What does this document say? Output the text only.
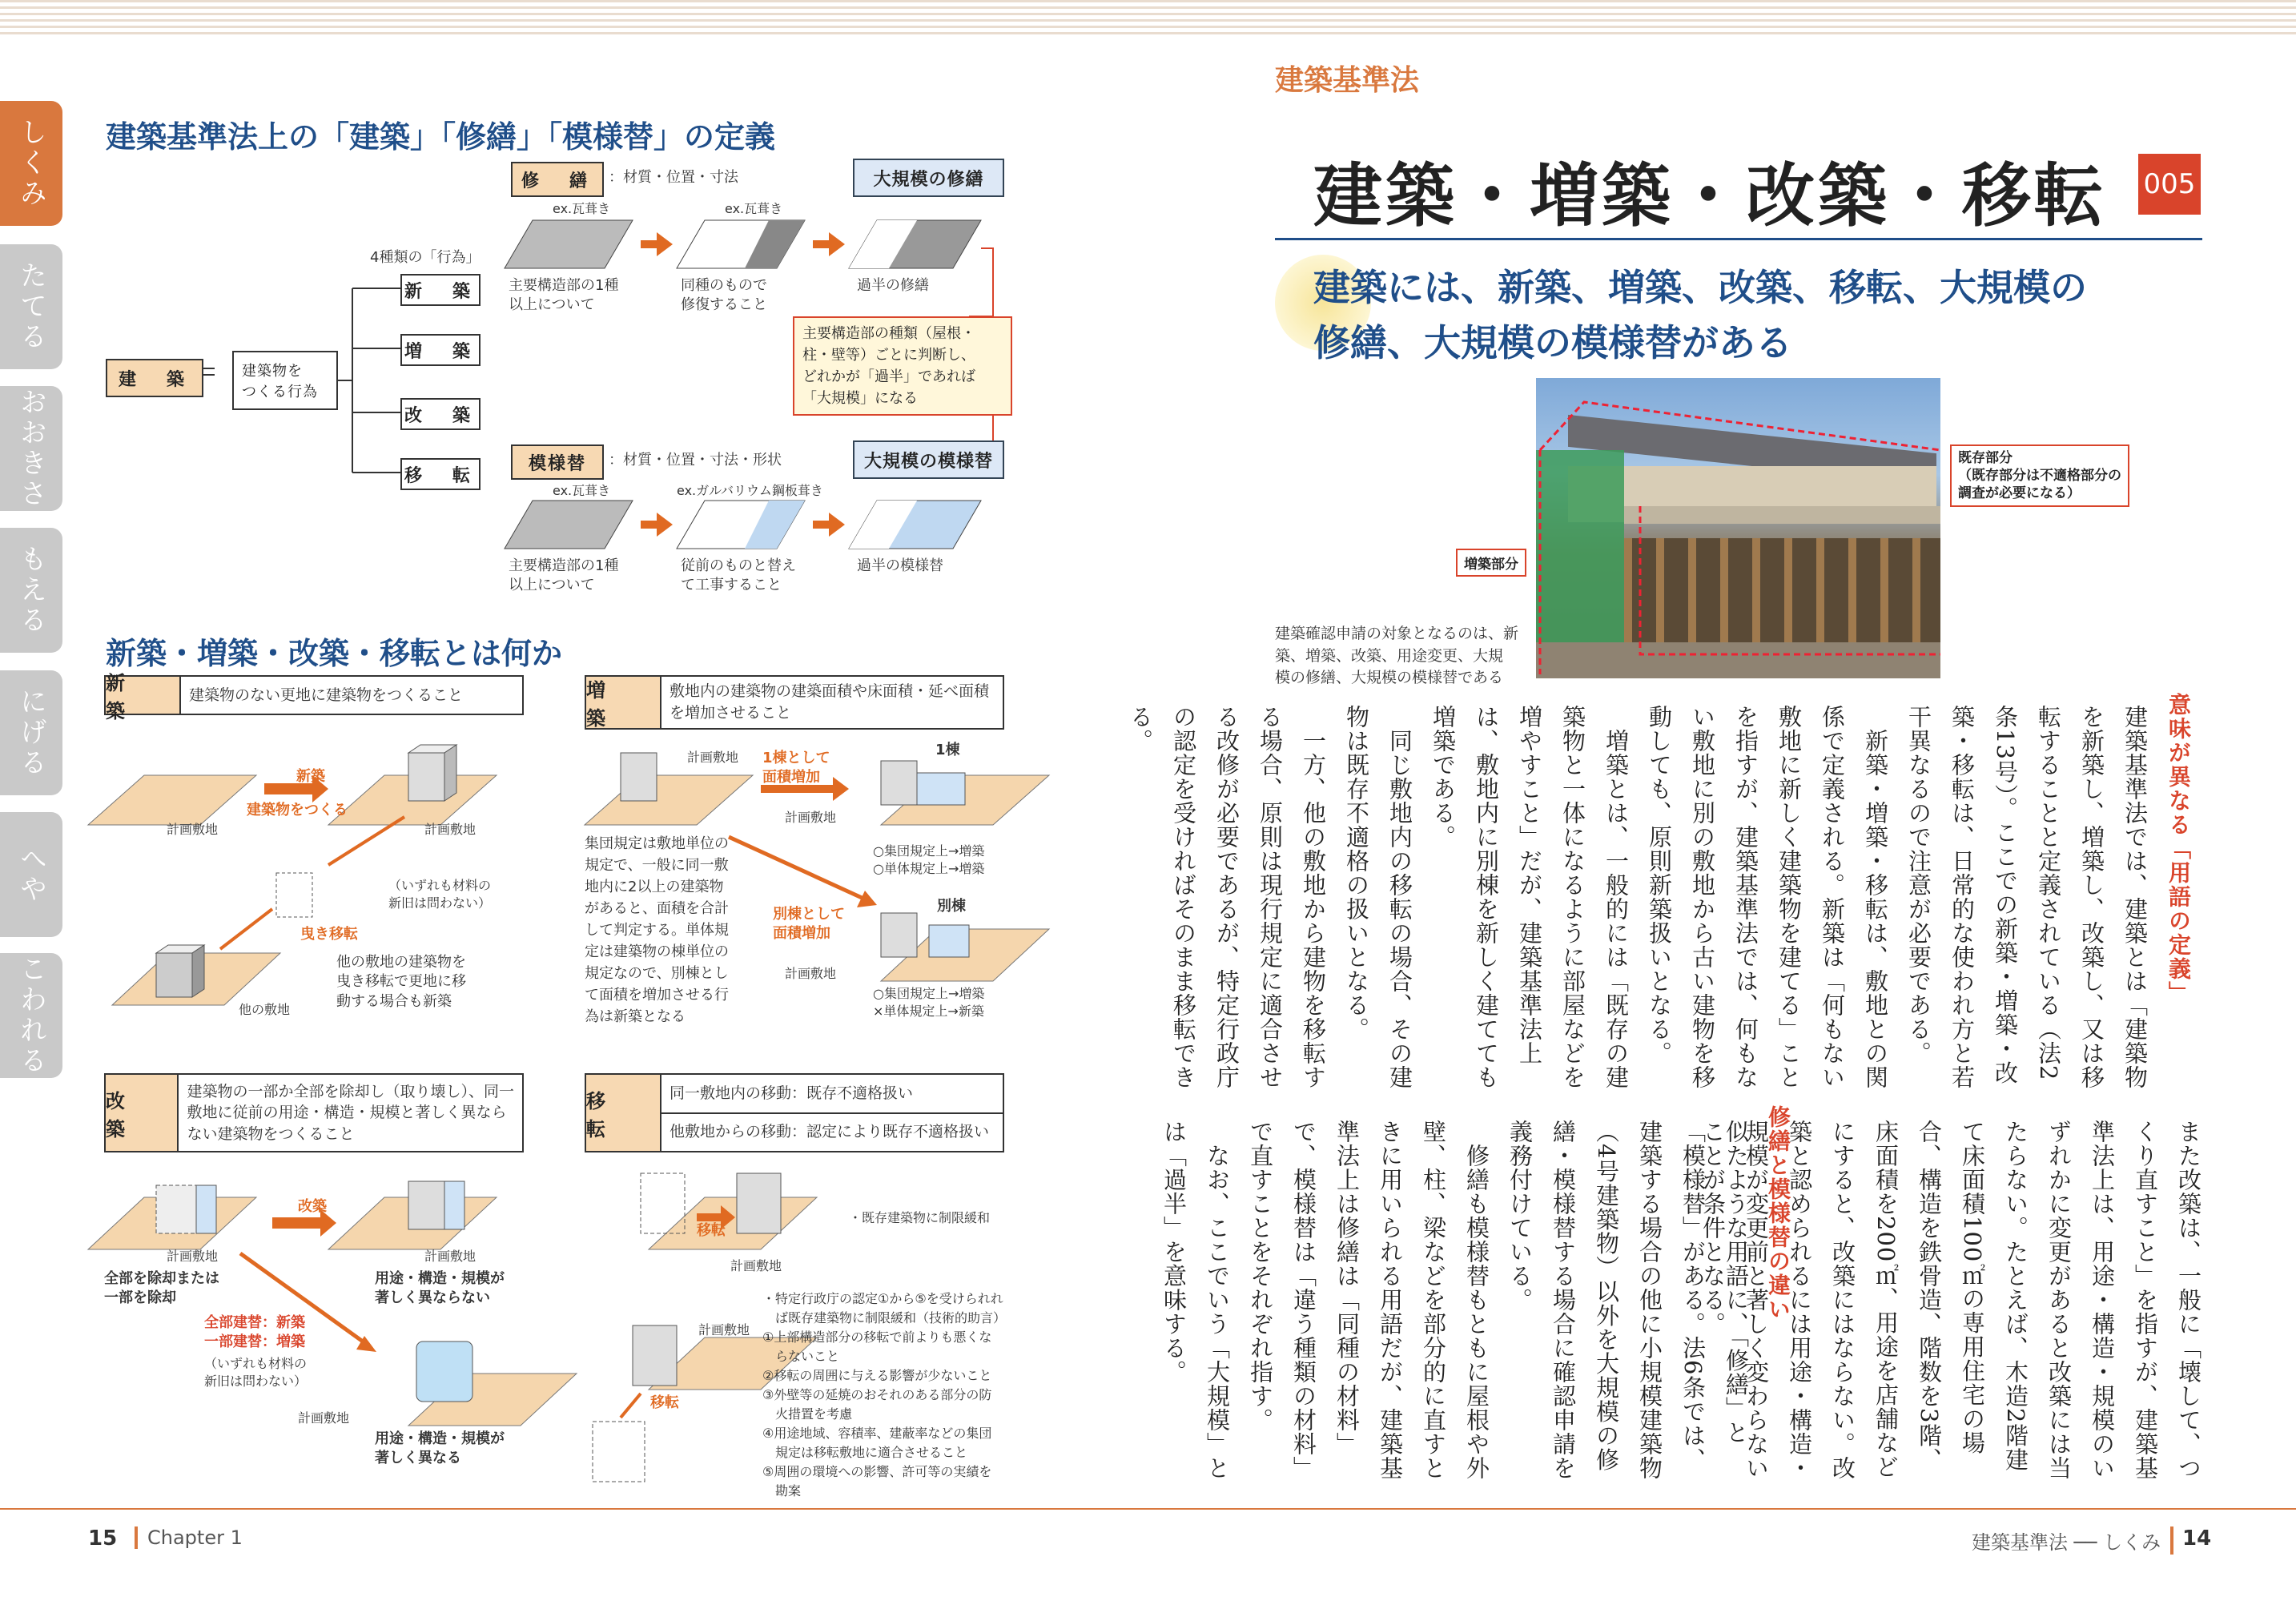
しくみ
たてる
おおきさ
もえる
にげる
へや
こわれる
建築基準法上の「建築」「修繕」「模様替」の定義
修　繕	：材質・位置・寸法	大規模の修繕
ex.瓦葺き	ex.瓦葺き
主要構造部の1種
以上について
同種のもので
修復すること
過半の修繕
建　築	建築物を
つくる行為
4種類の「行為」
新　築
増　築
改　築
移　転
主要構造部の種類（屋根・
柱・壁等）ごとに判断し、
どれかが「過半」であれば
「大規模」になる
模様替	：材質・位置・寸法・形状	大規模の模様替
ex.瓦葺き	ex.ガルバリウム鋼板葺き
主要構造部の1種
以上について
従前のものと替え
て工事すること
過半の模様替
新築・増築・改築・移転とは何か
新　築
建築物のない更地に建築物をつくること
新築
建築物をつくる
計画敷地	計画敷地
（いずれも材料の
新旧は問わない）
曳き移転
他の敷地
他の敷地の建築物を
曳き移転で更地に移
動する場合も新築
増　築
敷地内の建築物の建築面積や床面積・延べ面積
を増加させること
計画敷地 1棟として
面積増加
1棟
計画敷地
○集団規定上→増築
○単体規定上→増築
別棟として
面積増加
別棟
計画敷地
○集団規定上→増築
×単体規定上→新築
集団規定は敷地単位の
規定で、一般に同一敷
地内に2以上の建築物
があると、面積を合計
して判定する。単体規
定は建築物の棟単位の
規定なので、別棟とし
て面積を増加させる行
為は新築となる
改　築
建築物の一部か全部を除却し（取り壊し）、同一
敷地に従前の用途・構造・規模と著しく異なら
ない建築物をつくること
改築
計画敷地	計画敷地
全部を除却または
一部を除却
用途・構造・規模が
著しく異ならない
全部建替：新築
一部建替：増築
（いずれも材料の
新旧は問わない）
計画敷地
用途・構造・規模が
著しく異なる
移　転
同一敷地内の移動：既存不適格扱い
他敷地からの移動：認定により既存不適格扱い
移転
計画敷地
・既存建築物に制限緩和
計画敷地
移転
・特定行政庁の認定①から⑤を受けられれ
　ば既存建築物に制限緩和（技術的助言）
①上部構造部分の移転で前よりも悪くな
　らないこと
②移転の周囲に与える影響が少ないこと
③外壁等の延焼のおそれのある部分の防
　火措置を考慮
④用途地域、容積率、建蔽率などの集団
　規定は移転敷地に適合させること
⑤周囲の環境への影響、許可等の実績を
　勘案
建築基準法
建築・増築・改築・移転 005
建築には、新築、増築、改築、移転、大規模の
修繕、大規模の模様替がある
既存部分
（既存部分は不適格部分の
調査が必要になる）
増築部分
建築確認申請の対象となるのは、新
築、増築、改築、用途変更、大規
模の修繕、大規模の模様替である
意味が異なる「用語の定義」
建築基準法では、建築とは「建築物を新築し、増築し、改築し、又は移転することと定義されている（法2条13号）。ここでの新築・増築・改築・移転は、日常的な使われ方と若干異なるので注意が必要である。
　新築・増築・移転は、敷地との関係で定義される。新築は「何もない敷地に新しく建築物を建てる」ことを指すが、建築基準法では、何もない敷地に別の敷地から古い建物を移動しても、原則新築扱いとなる。
　増築とは、一般的には「既存の建築物と一体になるように部屋などを増やすこと」だが、建築基準法上は、敷地内に別棟を新しく建てても増築である。
　同じ敷地内の移転の場合、その建物は既存不適格の扱いとなる。
　一方、他の敷地から建物を移転する場合、原則は現行規定に適合させる改修が必要であるが、特定行政庁の認定を受ければそのまま移転できる。
また改築は、一般に「壊して、つくり直すこと」を指すが、建築基準法上は、用途・構造・規模のいずれかに変更があると改築には当たらない。たとえば、木造2階建て床面積100㎡の専用住宅の場合、構造を鉄骨造、階数を3階、床面積を200㎡、用途を店舗などにすると、改築にはならない。改築と認められるには用途・構造・規模が変更前と著しく変わらないことが条件となる。	修繕と模様替の違い
似たような用語に、「修繕」と「模様替」がある。法6条では、建築する場合の他に小規模建築物（4号建築物）以外を大規模の修繕・模様替する場合に確認申請を義務付けている。
　修繕も模様替もともに屋根や外壁、柱、梁などを部分的に直すときに用いられる用語だが、建築基準法上は修繕は「同種の材料」で、模様替は「違う種類の材料」で直すことをそれぞれ指す。
　なお、ここでいう「大規模」とは「過半」を意味する。
15	Chapter 1	建築基準法 ── しくみ	14
